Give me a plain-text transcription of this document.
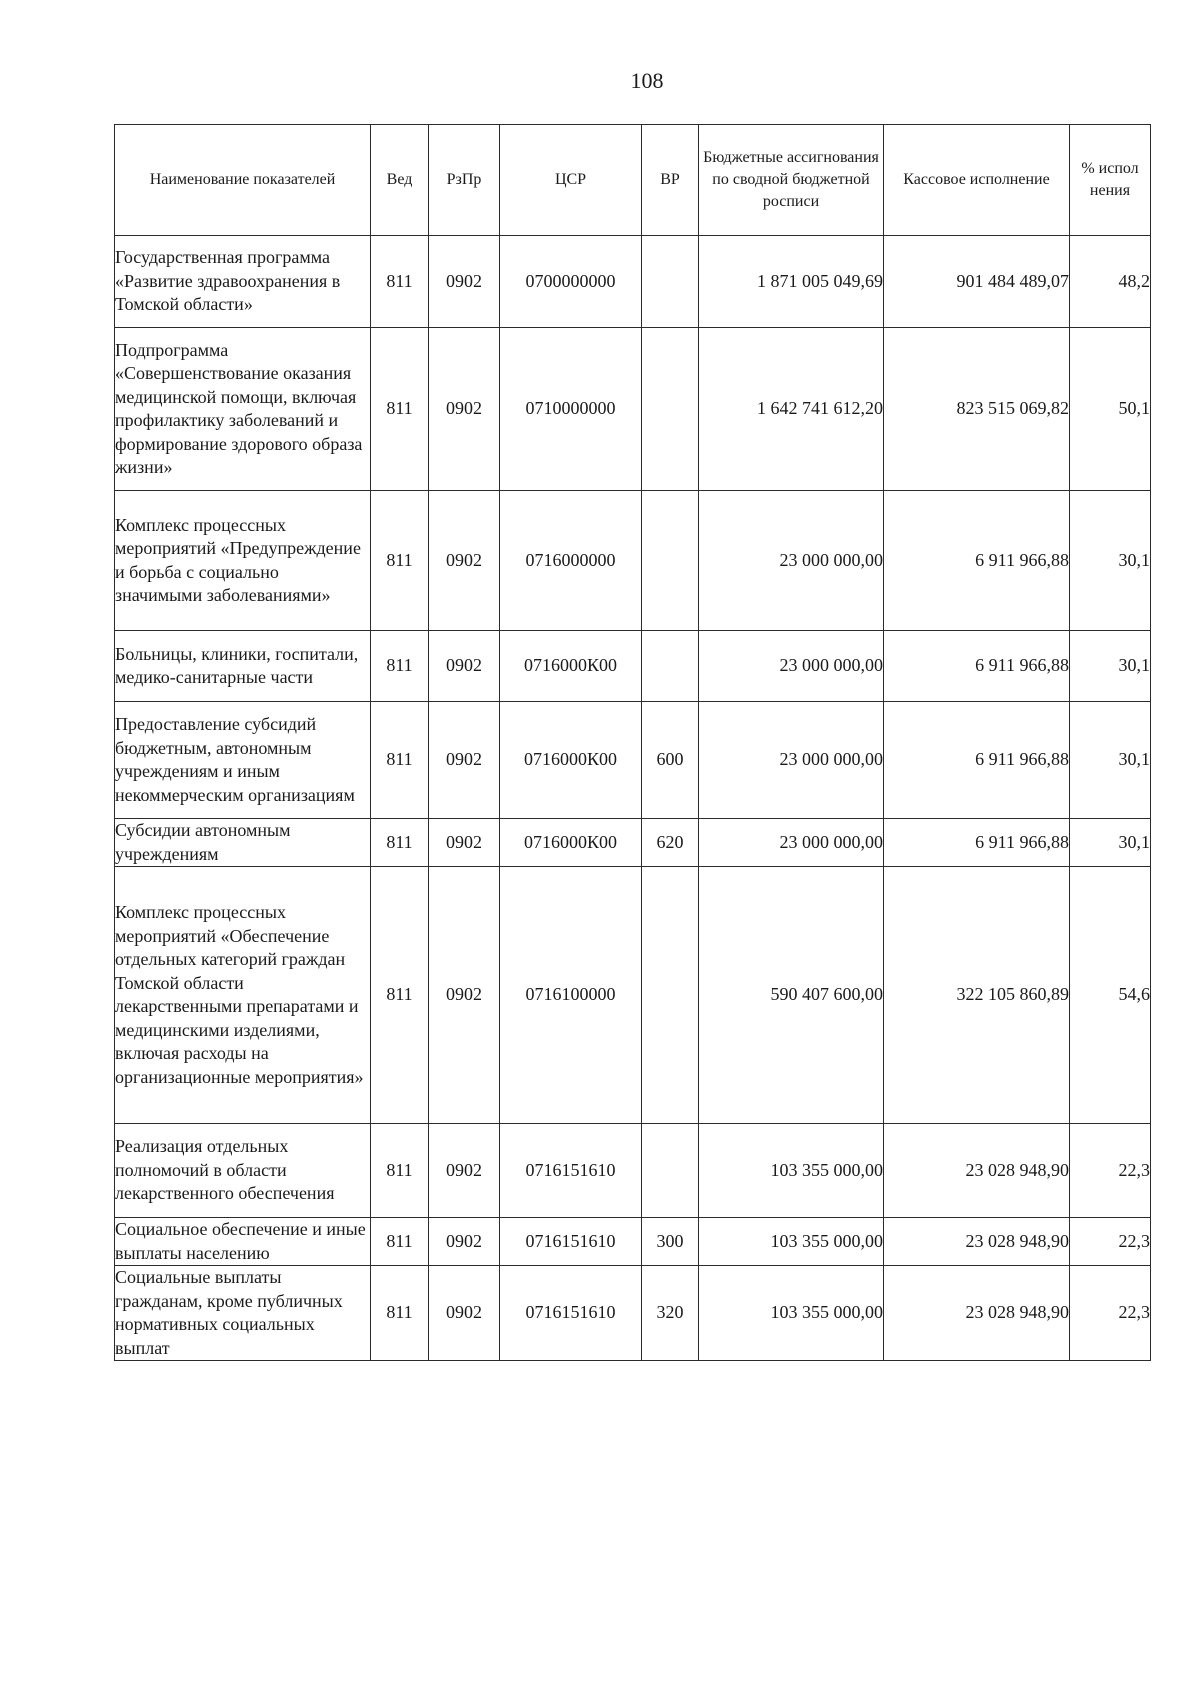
108
Наименование показателей	Вед	РзПр	ЦСР	ВР	Бюджетные ассигнования по сводной бюджетной росписи	Кассовое исполнение	% испол нения
Государственная программа «Развитие здравоохранения в Томской области»	811	0902	0700000000		1 871 005 049,69	901 484 489,07	48,2
Подпрограмма «Совершенствование оказания медицинской помощи, включая профилактику заболеваний и формирование здорового образа жизни»	811	0902	0710000000		1 642 741 612,20	823 515 069,82	50,1
Комплекс процессных мероприятий «Предупреждение и борьба с социально значимыми заболеваниями»	811	0902	0716000000		23 000 000,00	6 911 966,88	30,1
Больницы, клиники, госпитали, медико-санитарные части	811	0902	0716000К00		23 000 000,00	6 911 966,88	30,1
Предоставление субсидий бюджетным, автономным учреждениям и иным некоммерческим организациям	811	0902	0716000К00	600	23 000 000,00	6 911 966,88	30,1
Субсидии автономным учреждениям	811	0902	0716000К00	620	23 000 000,00	6 911 966,88	30,1
Комплекс процессных мероприятий «Обеспечение отдельных категорий граждан Томской области лекарственными препаратами и медицинскими изделиями, включая расходы на организационные мероприятия»	811	0902	0716100000		590 407 600,00	322 105 860,89	54,6
Реализация отдельных полномочий в области лекарственного обеспечения	811	0902	0716151610		103 355 000,00	23 028 948,90	22,3
Социальное обеспечение и иные выплаты населению	811	0902	0716151610	300	103 355 000,00	23 028 948,90	22,3
Социальные выплаты гражданам, кроме публичных нормативных социальных выплат	811	0902	0716151610	320	103 355 000,00	23 028 948,90	22,3
